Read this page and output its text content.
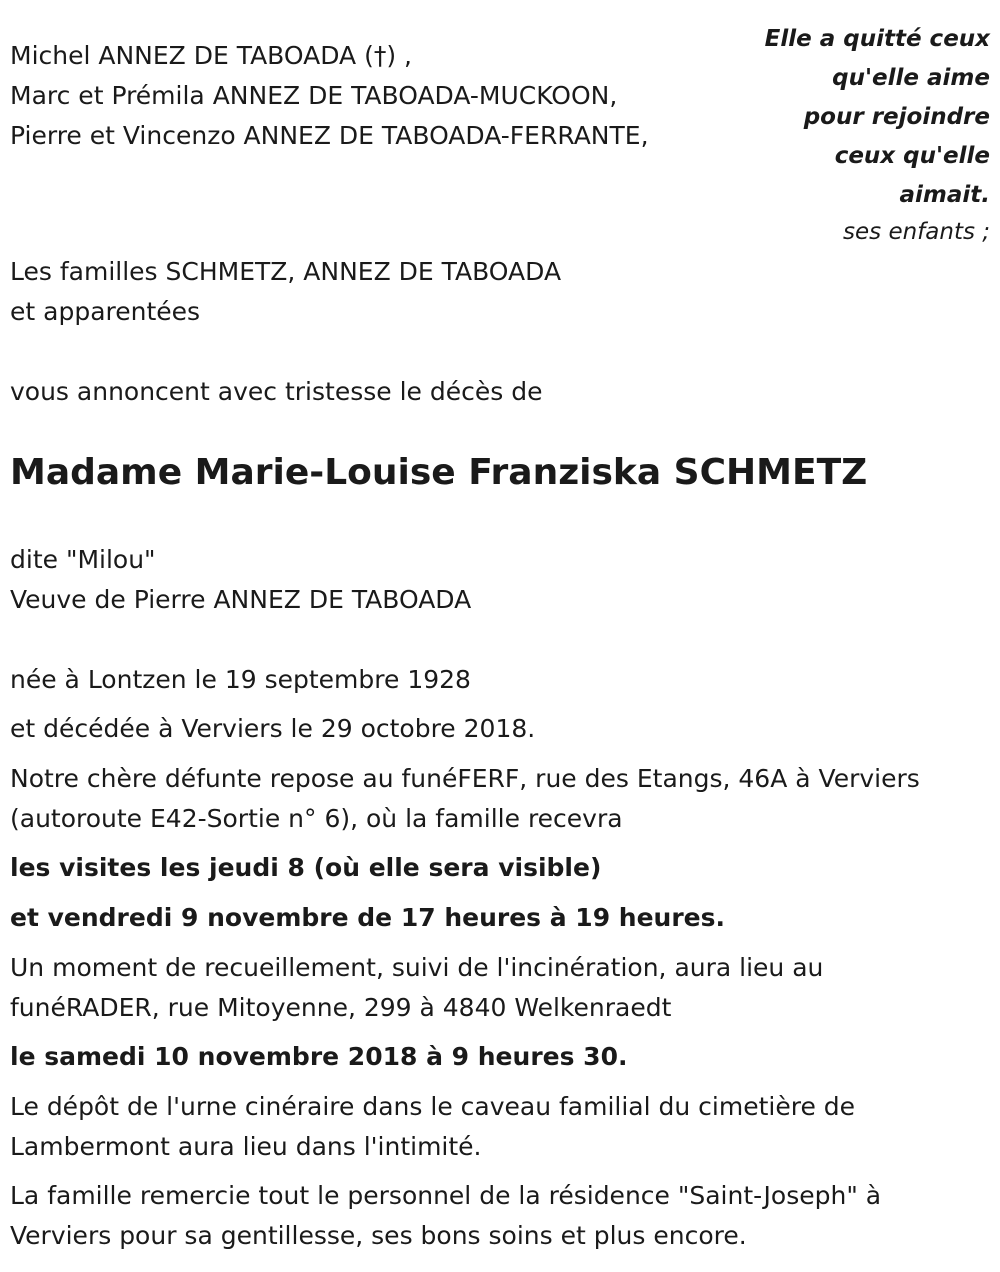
Elle a quitté ceux
qu'elle aime
pour rejoindre
ceux qu'elle
aimait.

ses enfants ;

Michel ANNEZ DE TABOADA (†) ,
Marc et Prémila ANNEZ DE TABOADA-MUCKOON,
Pierre et Vincenzo ANNEZ DE TABOADA-FERRANTE,

Les familles SCHMETZ, ANNEZ DE TABOADA
et apparentées

vous annoncent avec tristesse le décès de

Madame Marie-Louise Franziska SCHMETZ

dite "Milou"
Veuve de Pierre ANNEZ DE TABOADA

née à Lontzen le 19 septembre 1928

et décédée à Verviers le 29 octobre 2018.

Notre chère défunte repose au funéFERF, rue des Etangs, 46A à Verviers
(autoroute E42-Sortie n° 6), où la famille recevra

les visites les jeudi 8 (où elle sera visible)

et vendredi 9 novembre de 17 heures à 19 heures.

Un moment de recueillement, suivi de l'incinération, aura lieu au
funéRADER, rue Mitoyenne, 299 à 4840 Welkenraedt

le samedi 10 novembre 2018 à 9 heures 30.

Le dépôt de l'urne cinéraire dans le caveau familial du cimetière de
Lambermont aura lieu dans l'intimité.

La famille remercie tout le personnel de la résidence "Saint-Joseph" à
Verviers pour sa gentillesse, ses bons soins et plus encore.
